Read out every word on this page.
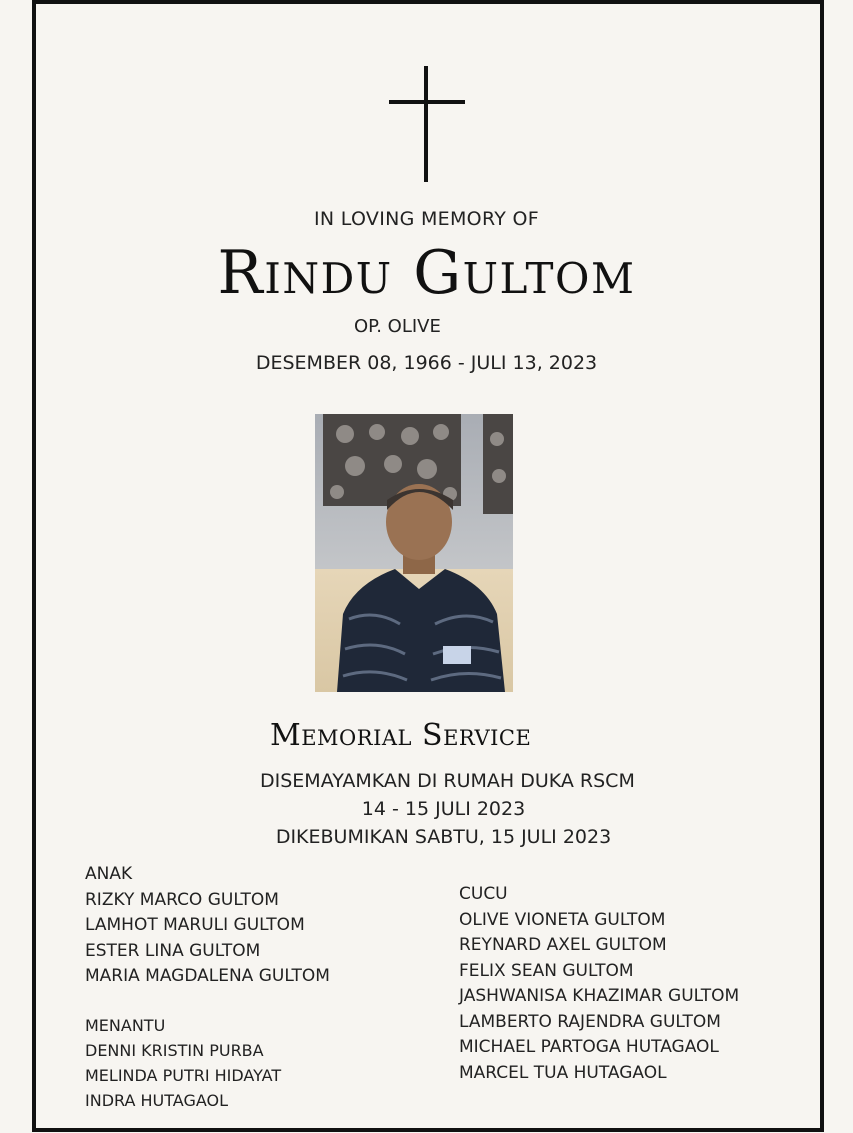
IN LOVING MEMORY OF
Rindu Gultom
OP. OLIVE
DESEMBER 08, 1966 - JULI 13, 2023
Memorial Service
DISEMAYAMKAN DI RUMAH DUKA RSCM
14 - 15 JULI 2023
DIKEBUMIKAN SABTU, 15 JULI 2023
ANAK
RIZKY MARCO GULTOM
LAMHOT MARULI GULTOM
ESTER LINA GULTOM
MARIA MAGDALENA GULTOM
MENANTU
DENNI KRISTIN PURBA
MELINDA PUTRI HIDAYAT
INDRA HUTAGAOL
CUCU
OLIVE VIONETA GULTOM
REYNARD AXEL GULTOM
FELIX SEAN GULTOM
JASHWANISA KHAZIMAR GULTOM
LAMBERTO RAJENDRA GULTOM
MICHAEL PARTOGA HUTAGAOL
MARCEL TUA HUTAGAOL
